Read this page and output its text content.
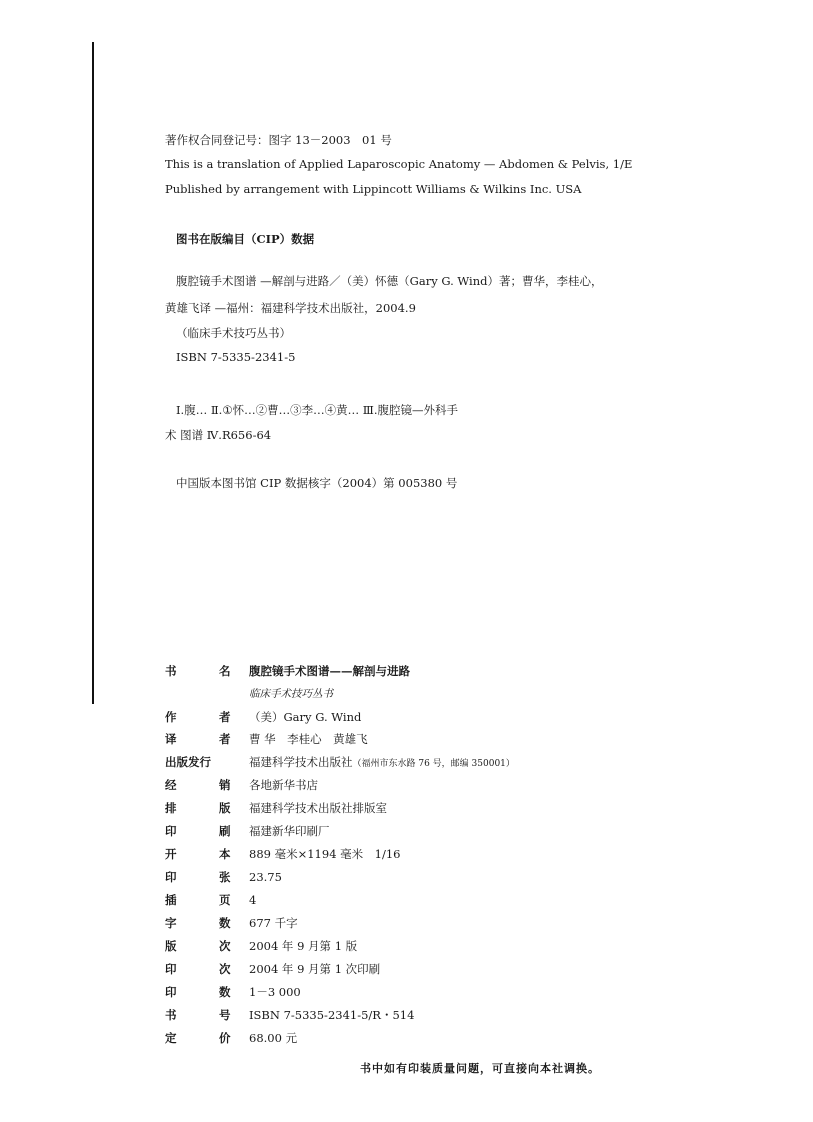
著作权合同登记号：图字 13－2003　01 号
This is a translation of Applied Laparoscopic Anatomy — Abdomen & Pelvis, 1/E
Published by arrangement with Lippincott Williams & Wilkins Inc. USA
图书在版编目（CIP）数据
腹腔镜手术图谱 —解剖与进路／（美）怀德（Gary G. Wind）著；曹华，李桂心，
黄雄飞译 —福州：福建科学技术出版社，2004.9
（临床手术技巧丛书）
ISBN 7-5335-2341-5
Ⅰ.腹… Ⅱ.①怀…②曹…③李…④黄… Ⅲ.腹腔镜—外科手
术 图谱 Ⅳ.R656-64
中国版本图书馆 CIP 数据核字（2004）第 005380 号
书	名 腹腔镜手术图谱——解剖与进路
临床手术技巧丛书
作	者 （美）Gary G. Wind
译	者 曹 华　李桂心　黄雄飞
出版发行	福建科学技术出版社（福州市东水路 76 号，邮编 350001）
经	销 各地新华书店
排	版 福建科学技术出版社排版室
印	刷 福建新华印刷厂
开	本 889 毫米×1194 毫米　1/16
印	张 23.75
插	页 4
字	数 677 千字
版	次 2004 年 9 月第 1 版
印	次 2004 年 9 月第 1 次印刷
印	数 1－3 000
书	号 ISBN 7-5335-2341-5/R・514
定	价 68.00 元
书中如有印装质量问题，可直接向本社调换。
